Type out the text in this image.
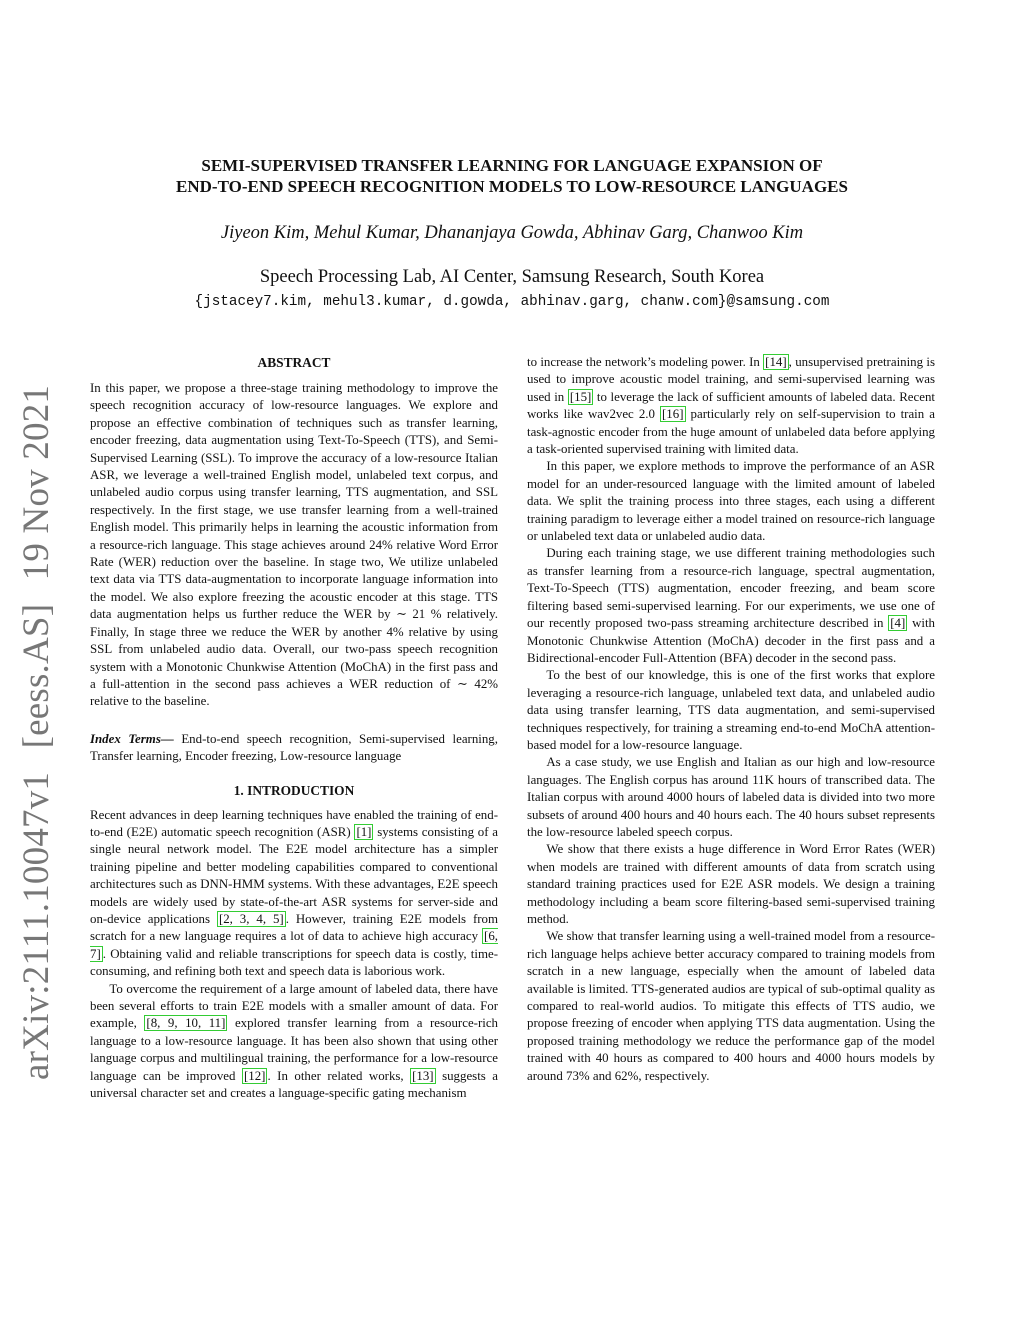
arXiv:2111.10047v1 [eess.AS] 19 Nov 2021
SEMI-SUPERVISED TRANSFER LEARNING FOR LANGUAGE EXPANSION OF
END-TO-END SPEECH RECOGNITION MODELS TO LOW-RESOURCE LANGUAGES
Jiyeon Kim, Mehul Kumar, Dhananjaya Gowda, Abhinav Garg, Chanwoo Kim
Speech Processing Lab, AI Center, Samsung Research, South Korea
{jstacey7.kim, mehul3.kumar, d.gowda, abhinav.garg, chanw.com}@samsung.com
ABSTRACT

In this paper, we propose a three-stage training methodology to improve the speech recognition accuracy of low-resource languages. We explore and propose an effective combination of techniques such as transfer learning, encoder freezing, data augmentation using Text-To-Speech (TTS), and Semi-Supervised Learning (SSL). To improve the accuracy of a low-resource Italian ASR, we leverage a well-trained English model, unlabeled text corpus, and unlabeled audio corpus using transfer learning, TTS augmentation, and SSL respectively. In the first stage, we use transfer learning from a well-trained English model. This primarily helps in learning the acoustic information from a resource-rich language. This stage achieves around 24% relative Word Error Rate (WER) reduction over the baseline. In stage two, We utilize unlabeled text data via TTS data-augmentation to incorporate language information into the model. We also explore freezing the acoustic encoder at this stage. TTS data augmentation helps us further reduce the WER by ∼ 21 % relatively. Finally, In stage three we reduce the WER by another 4% relative by using SSL from unlabeled audio data. Overall, our two-pass speech recognition system with a Monotonic Chunkwise Attention (MoChA) in the first pass and a full-attention in the second pass achieves a WER reduction of ∼ 42% relative to the baseline.

Index Terms— End-to-end speech recognition, Semi-supervised learning, Transfer learning, Encoder freezing, Low-resource language

1. INTRODUCTION

Recent advances in deep learning techniques have enabled the training of end-to-end (E2E) automatic speech recognition (ASR) [1] systems consisting of a single neural network model. The E2E model architecture has a simpler training pipeline and better modeling capabilities compared to conventional architectures such as DNN-HMM systems. With these advantages, E2E speech models are widely used by state-of-the-art ASR systems for server-side and on-device applications [2, 3, 4, 5] . However, training E2E models from scratch for a new language requires a lot of data to achieve high accuracy [6, 7] . Obtaining valid and reliable transcriptions for speech data is costly, time-consuming, and refining both text and speech data is laborious work.

To overcome the requirement of a large amount of labeled data, there have been several efforts to train E2E models with a smaller amount of data. For example, [8, 9, 10, 11] explored transfer learning from a resource-rich language to a low-resource language. It has been also shown that using other language corpus and multilingual training, the performance for a low-resource language can be improved [12] . In other related works, [13] suggests a universal character set and creates a language-specific gating mechanism

to increase the network’s modeling power. In [14] , unsupervised pretraining is used to improve acoustic model training, and semi-supervised learning was used in [15] to leverage the lack of sufficient amounts of labeled data. Recent works like wav2vec 2.0 [16] particularly rely on self-supervision to train a task-agnostic encoder from the huge amount of unlabeled data before applying a task-oriented supervised training with limited data.

In this paper, we explore methods to improve the performance of an ASR model for an under-resourced language with the limited amount of labeled data. We split the training process into three stages, each using a different training paradigm to leverage either a model trained on resource-rich language or unlabeled text data or unlabeled audio data.

During each training stage, we use different training methodologies such as transfer learning from a resource-rich language, spectral augmentation, Text-To-Speech (TTS) augmentation, encoder freezing, and beam score filtering based semi-supervised learning. For our experiments, we use one of our recently proposed two-pass streaming architecture described in [4] with Monotonic Chunkwise Attention (MoChA) decoder in the first pass and a Bidirectional-encoder Full-Attention (BFA) decoder in the second pass.

To the best of our knowledge, this is one of the first works that explore leveraging a resource-rich language, unlabeled text data, and unlabeled audio data using transfer learning, TTS data augmentation, and semi-supervised techniques respectively, for training a streaming end-to-end MoChA attention-based model for a low-resource language.

As a case study, we use English and Italian as our high and low-resource languages. The English corpus has around 11K hours of transcribed data. The Italian corpus with around 4000 hours of labeled data is divided into two more subsets of around 400 hours and 40 hours each. The 40 hours subset represents the low-resource labeled speech corpus.

We show that there exists a huge difference in Word Error Rates (WER) when models are trained with different amounts of data from scratch using standard training practices used for E2E ASR models. We design a training methodology including a beam score filtering-based semi-supervised training method.

We show that transfer learning using a well-trained model from a resource-rich language helps achieve better accuracy compared to training models from scratch in a new language, especially when the amount of labeled data available is limited. TTS-generated audios are typical of sub-optimal quality as compared to real-world audios. To mitigate this effects of TTS audio, we propose freezing of encoder when applying TTS data augmentation. Using the proposed training methodology we reduce the performance gap of the model trained with 40 hours as compared to 400 hours and 4000 hours models by around 73% and 62%, respectively.
